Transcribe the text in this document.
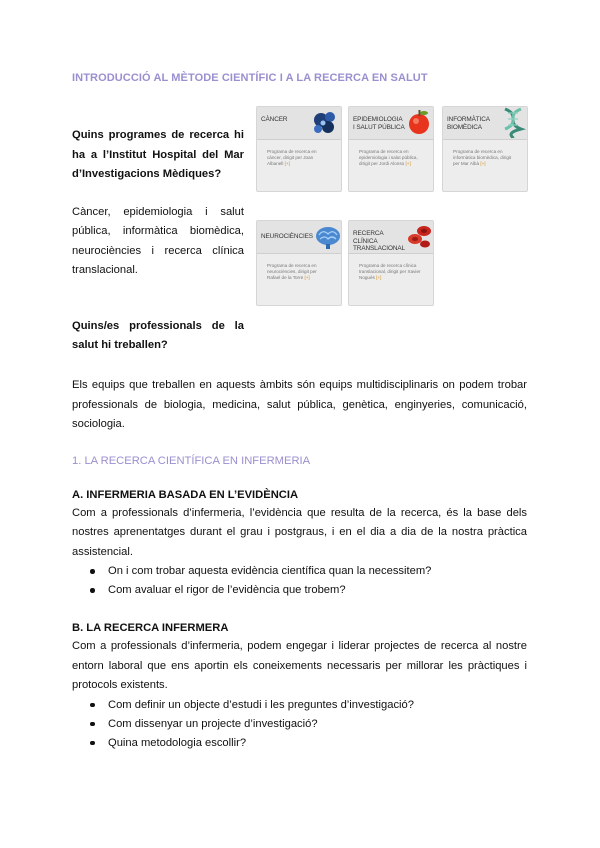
INTRODUCCIÓ AL MÈTODE CIENTÍFIC I A LA RECERCA EN SALUT
Quins programes de recerca hi ha a l’Institut Hospital del Mar d’Investigacions Mèdiques?
Càncer, epidemiologia i salut pública, informàtica biomèdica, neurociències i recerca clínica translacional.
Quins/es professionals de la salut hi treballen?
CÀNCER
Programa de recerca en càncer, dirigit per Joan Albanell [+]
EPIDEMIOLOGIA I SALUT PÚBLICA
Programa de recerca en epidemiologia i salut pública, dirigit per Jordi Alonso [+]
INFORMÀTICA BIOMÈDICA
Programa de recerca en informàtica biomèdica, dirigit per Mar Albà [+]
NEUROCIÈNCIES
Programa de recerca en neurociències, dirigit per Rafael de la Torre [+]
RECERCA CLÍNICA TRANSLACIONAL
Programa de recerca clínica translacional, dirigit per Xavier Nogués [+]
Els equips que treballen en aquests àmbits són equips multidisciplinaris on podem trobar professionals de biologia, medicina, salut pública, genètica, enginyeries, comunicació, sociologia.
1. LA RECERCA CIENTÍFICA EN INFERMERIA
A. INFERMERIA BASADA EN L’EVIDÈNCIA
Com a professionals d’infermeria, l’evidència que resulta de la recerca, és la base dels nostres aprenentatges durant el grau i postgraus, i en el dia a dia de la nostra pràctica assistencial.
On i com trobar aquesta evidència científica quan la necessitem?
Com avaluar el rigor de l’evidència que trobem?
B. LA RECERCA INFERMERA
Com a professionals d’infermeria, podem engegar i liderar projectes de recerca al nostre entorn laboral que ens aportin els coneixements necessaris per millorar les pràctiques i protocols existents.
Com definir un objecte d’estudi i les preguntes d’investigació?
Com dissenyar un projecte d’investigació?
Quina metodologia escollir?
